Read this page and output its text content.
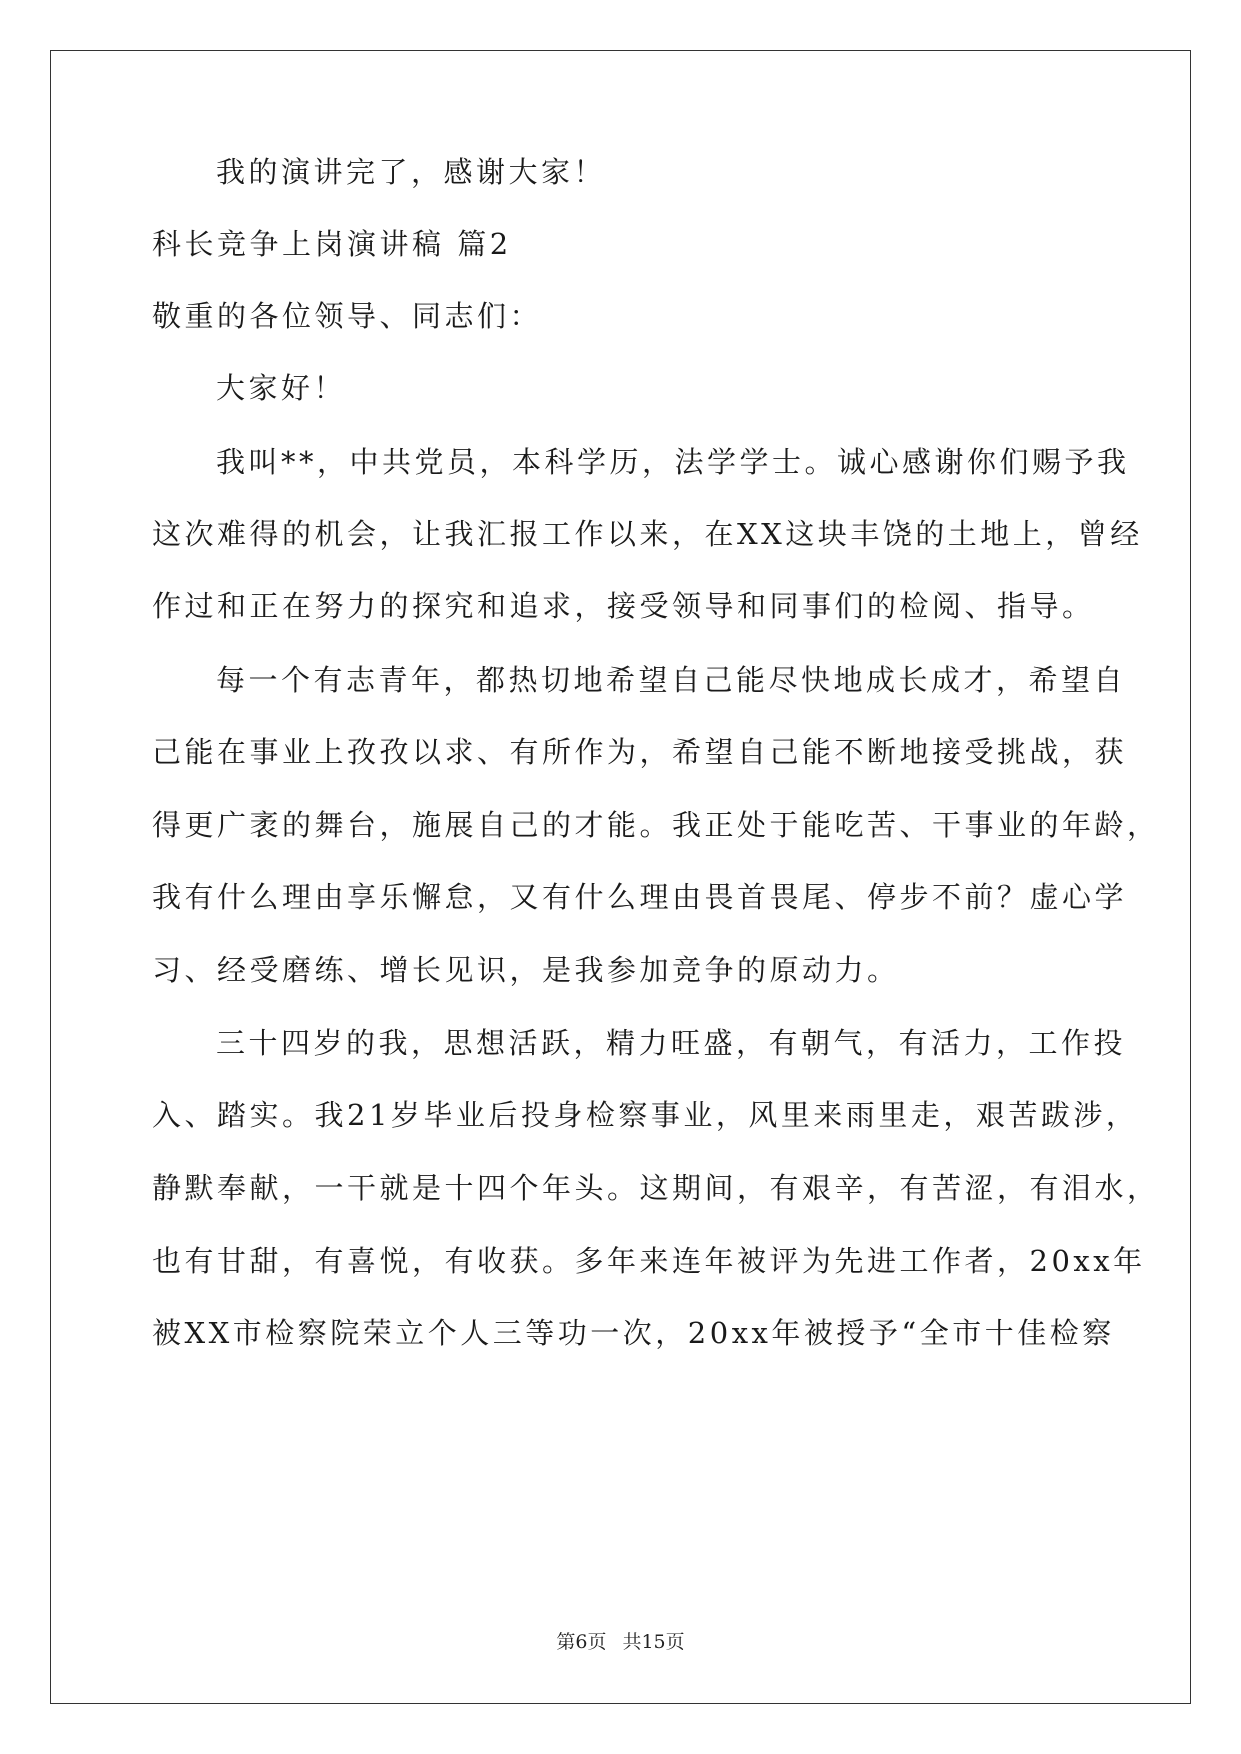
我的演讲完了，感谢大家！
科长竞争上岗演讲稿 篇2
敬重的各位领导、同志们：
大家好！
我叫**，中共党员，本科学历，法学学士。诚心感谢你们赐予我
这次难得的机会，让我汇报工作以来，在XX这块丰饶的土地上，曾经
作过和正在努力的探究和追求，接受领导和同事们的检阅、指导。
每一个有志青年，都热切地希望自己能尽快地成长成才，希望自
己能在事业上孜孜以求、有所作为，希望自己能不断地接受挑战，获
得更广袤的舞台，施展自己的才能。我正处于能吃苦、干事业的年龄，
我有什么理由享乐懈怠，又有什么理由畏首畏尾、停步不前？虚心学
习、经受磨练、增长见识，是我参加竞争的原动力。
三十四岁的我，思想活跃，精力旺盛，有朝气，有活力，工作投
入、踏实。我21岁毕业后投身检察事业，风里来雨里走，艰苦跋涉，
静默奉献，一干就是十四个年头。这期间，有艰辛，有苦涩，有泪水，
也有甘甜，有喜悦，有收获。多年来连年被评为先进工作者，20xx年
被XX市检察院荣立个人三等功一次，20xx年被授予“全市十佳检察
第6页 共15页
